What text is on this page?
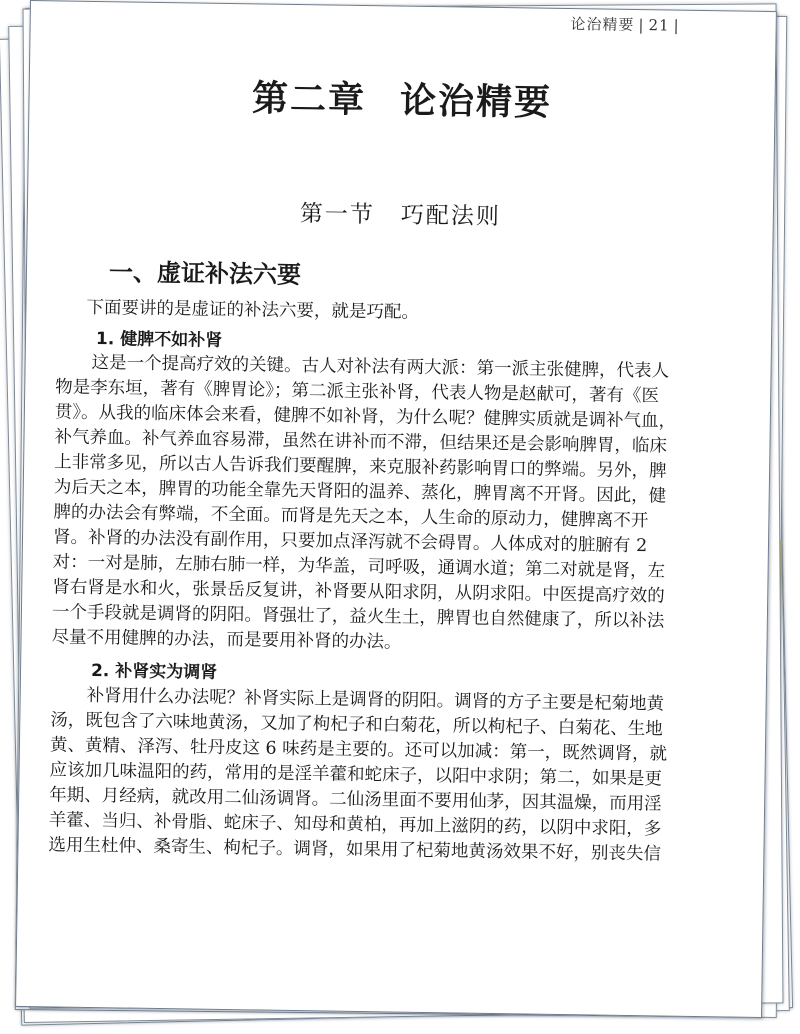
论治精要 | 21 |
第二章 论治精要
第一节 巧配法则
一、虚证补法六要
下面要讲的是虚证的补法六要，就是巧配。
1. 健脾不如补肾
这是一个提高疗效的关键。古人对补法有两大派：第一派主张健脾，代表人
物是李东垣，著有《脾胃论》；第二派主张补肾，代表人物是赵献可，著有《医
贯》。从我的临床体会来看，健脾不如补肾，为什么呢？健脾实质就是调补气血，
补气养血。补气养血容易滞，虽然在讲补而不滞，但结果还是会影响脾胃，临床
上非常多见，所以古人告诉我们要醒脾，来克服补药影响胃口的弊端。另外，脾
为后天之本，脾胃的功能全靠先天肾阳的温养、蒸化，脾胃离不开肾。因此，健
脾的办法会有弊端，不全面。而肾是先天之本，人生命的原动力，健脾离不开
肾。补肾的办法没有副作用，只要加点泽泻就不会碍胃。人体成对的脏腑有 2
对：一对是肺，左肺右肺一样，为华盖，司呼吸，通调水道；第二对就是肾，左
肾右肾是水和火，张景岳反复讲，补肾要从阳求阴，从阴求阳。中医提高疗效的
一个手段就是调肾的阴阳。肾强壮了，益火生土，脾胃也自然健康了，所以补法
尽量不用健脾的办法，而是要用补肾的办法。
2. 补肾实为调肾
补肾用什么办法呢？补肾实际上是调肾的阴阳。调肾的方子主要是杞菊地黄
汤，既包含了六味地黄汤，又加了枸杞子和白菊花，所以枸杞子、白菊花、生地
黄、黄精、泽泻、牡丹皮这 6 味药是主要的。还可以加减：第一，既然调肾，就
应该加几味温阳的药，常用的是淫羊藿和蛇床子，以阳中求阴；第二，如果是更
年期、月经病，就改用二仙汤调肾。二仙汤里面不要用仙茅，因其温燥，而用淫
羊藿、当归、补骨脂、蛇床子、知母和黄柏，再加上滋阴的药，以阴中求阳，多
选用生杜仲、桑寄生、枸杞子。调肾，如果用了杞菊地黄汤效果不好，别丧失信
